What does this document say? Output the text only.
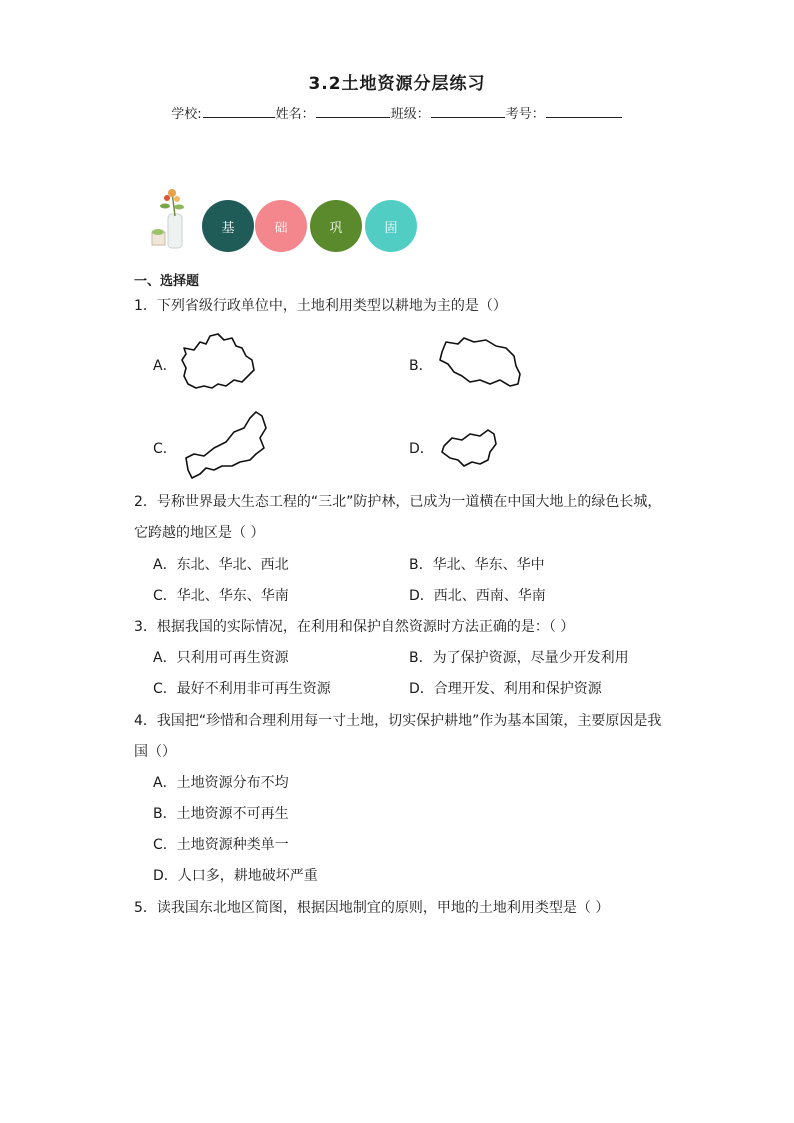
3.2土地资源分层练习
学校:	姓名：	班级：	考号：
基	础	巩	固
一、选择题
1．下列省级行政单位中，土地利用类型以耕地为主的是（）
A．	B．
C．	D．
2．号称世界最大生态工程的“三北”防护林，已成为一道横在中国大地上的绿色长城，
它跨越的地区是（ ）
A．东北、华北、西北	B．华北、华东、华中
C．华北、华东、华南	D．西北、西南、华南
3．根据我国的实际情况，在利用和保护自然资源时方法正确的是：（ ）
A．只利用可再生资源	B．为了保护资源，尽量少开发利用
C．最好不利用非可再生资源	D．合理开发、利用和保护资源
4．我国把“珍惜和合理利用每一寸土地，切实保护耕地”作为基本国策，主要原因是我
国（）
A．土地资源分布不均
B．土地资源不可再生
C．土地资源种类单一
D．人口多，耕地破坏严重
5．读我国东北地区简图，根据因地制宜的原则，甲地的土地利用类型是（ ）
